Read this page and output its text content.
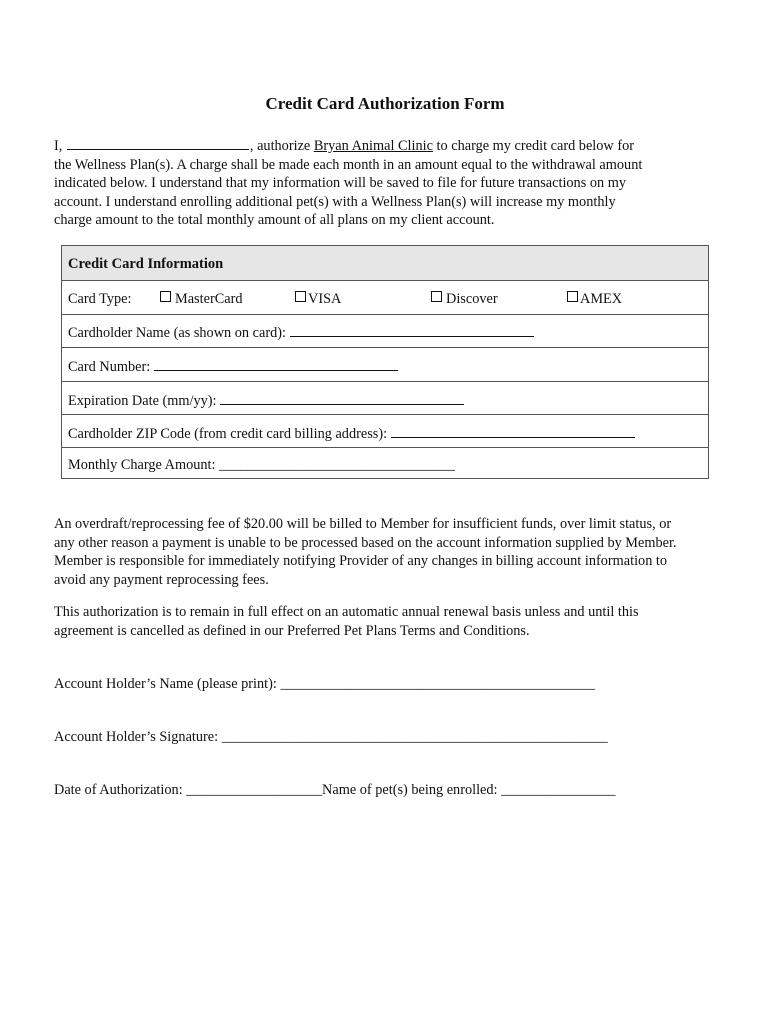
Credit Card Authorization Form
I,	, authorize Bryan Animal Clinic to charge my credit card below for
the Wellness Plan(s). A charge shall be made each month in an amount equal to the withdrawal amount
indicated below. I understand that my information will be saved to file for future transactions on my
account. I understand enrolling additional pet(s) with a Wellness Plan(s) will increase my monthly
charge amount to the total monthly amount of all plans on my client account.
Credit Card Information
Card Type:	MasterCard	VISA	Discover	AMEX
Cardholder Name (as shown on card):
Card Number:
Expiration Date (mm/yy):
Cardholder ZIP Code (from credit card billing address):
Monthly Charge Amount: _________________________________
An overdraft/reprocessing fee of $20.00 will be billed to Member for insufficient funds, over limit status, or
any other reason a payment is unable to be processed based on the account information supplied by Member.
Member is responsible for immediately notifying Provider of any changes in billing account information to
avoid any payment reprocessing fees.
This authorization is to remain in full effect on an automatic annual renewal basis unless and until this
agreement is cancelled as defined in our Preferred Pet Plans Terms and Conditions.
Account Holder’s Name (please print): ____________________________________________
Account Holder’s Signature: ______________________________________________________
Date of Authorization: ___________________Name of pet(s) being enrolled: ________________
